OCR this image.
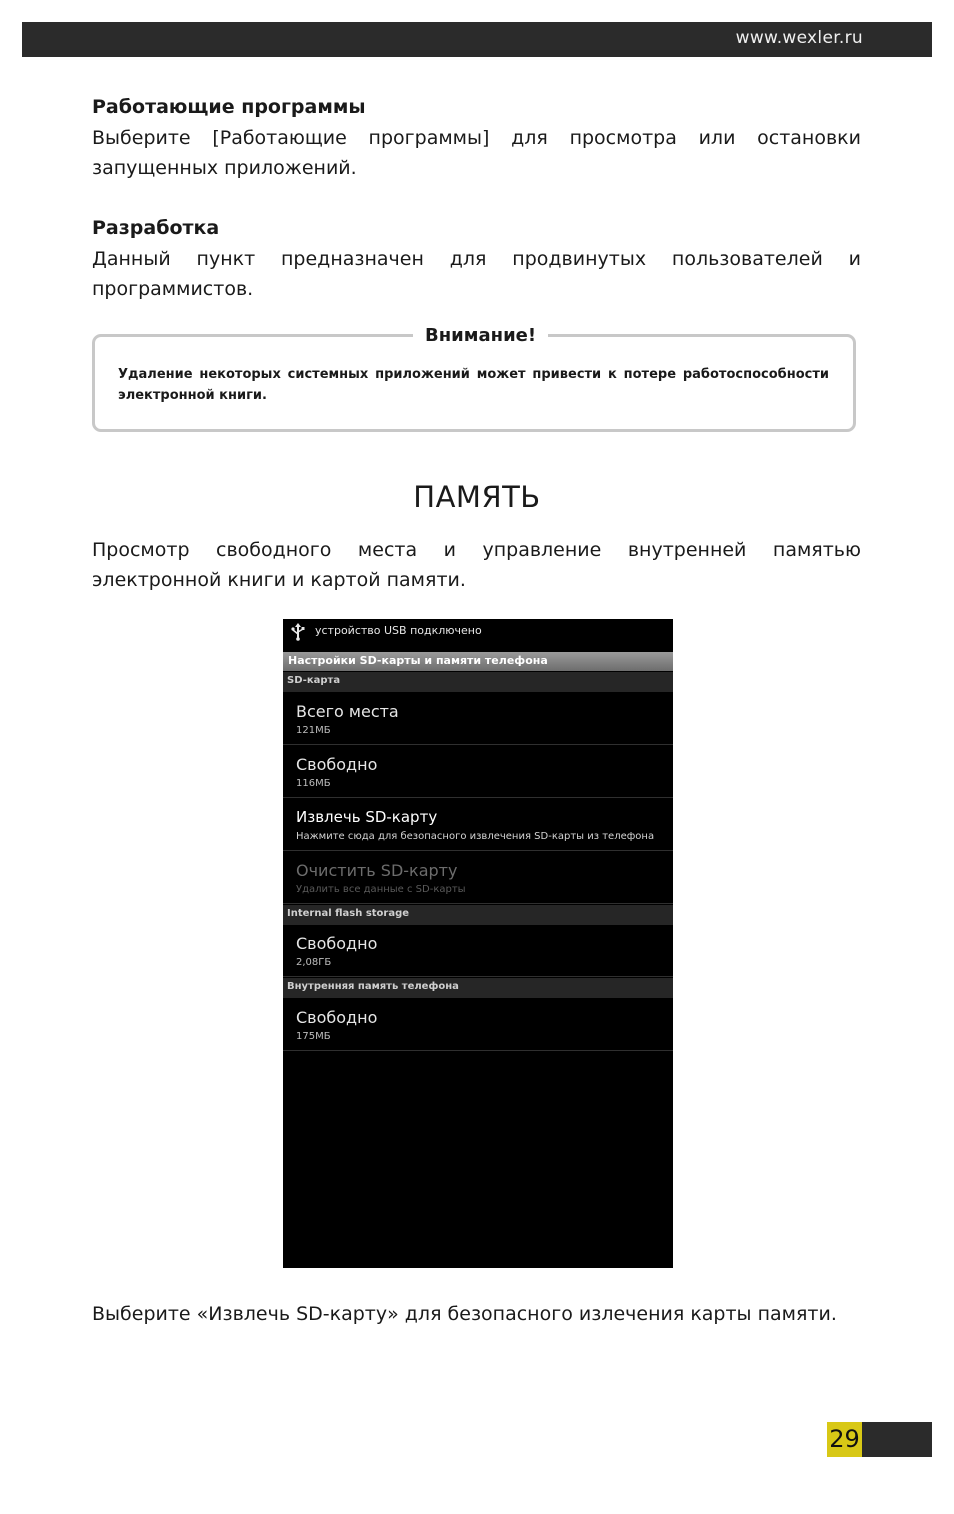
www.wexler.ru

Работающие программы

Выберите [Работающие программы] для просмотра или остановки запущенных приложений.

Разработка

Данный пункт предназначен для продвинутых пользователей и программистов.

Внимание!
Удаление некоторых системных приложений может привести к потере работоспособности электронной книги.
ПАМЯТЬ

Просмотр свободного места и управление внутренней памятью электронной книги и картой памяти.

устройство USB подключено
Настройки SD-карты и памяти телефона
SD-карта
Всего места
121МБ
Свободно
116МБ
Извлечь SD-карту
Нажмите сюда для безопасного извлечения SD-карты из телефона
Очистить SD-карту
Удалить все данные с SD-карты
Internal flash storage
Свободно
2,08ГБ
Внутренняя память телефона
Свободно
175МБ
Выберите «Извлечь SD-карту» для безопасного излечения карты памяти.
29
